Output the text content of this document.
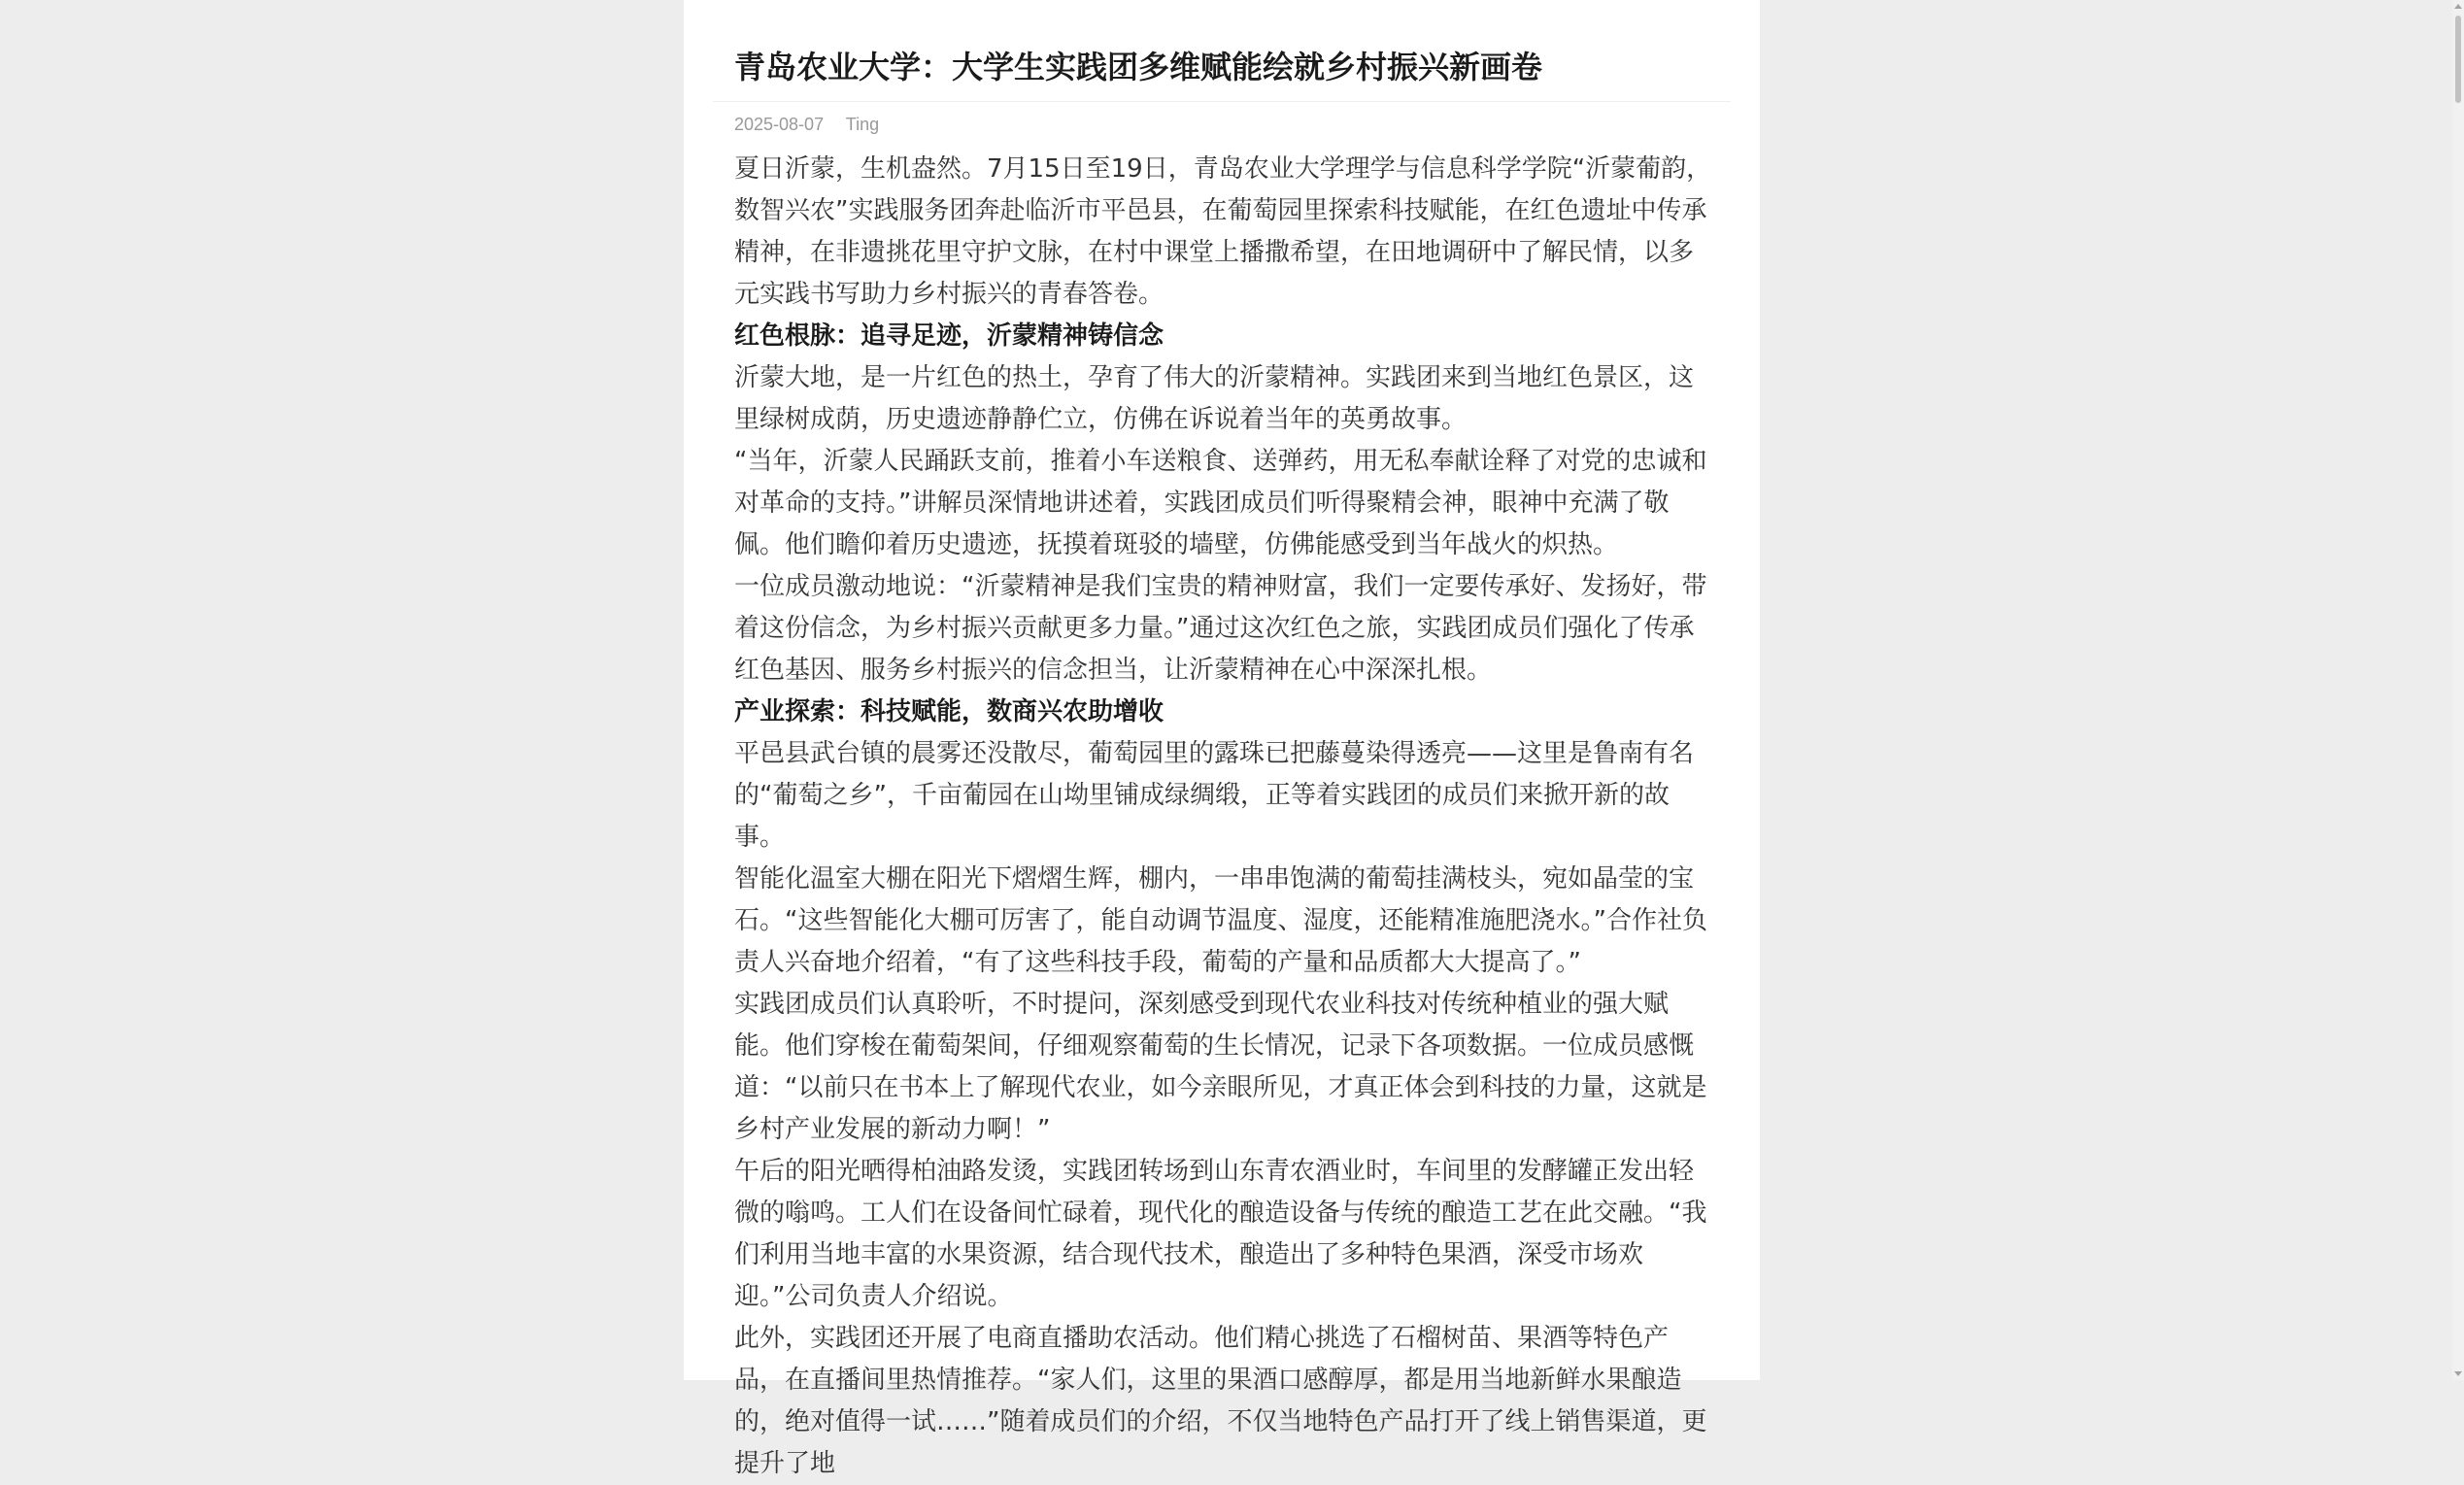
青岛农业大学：大学生实践团多维赋能绘就乡村振兴新画卷
2025-08-07 Ting

夏日沂蒙，生机盎然。7月15日至19日，青岛农业大学理学与信息科学学院“沂蒙葡韵，数智兴农”实践服务团奔赴临沂市平邑县，在葡萄园里探索科技赋能，在红色遗址中传承精神，在非遗挑花里守护文脉，在村中课堂上播撒希望，在田地调研中了解民情，以多元实践书写助力乡村振兴的青春答卷。

红色根脉：追寻足迹，沂蒙精神铸信念

沂蒙大地，是一片红色的热土，孕育了伟大的沂蒙精神。实践团来到当地红色景区，这里绿树成荫，历史遗迹静静伫立，仿佛在诉说着当年的英勇故事。

“当年，沂蒙人民踊跃支前，推着小车送粮食、送弹药，用无私奉献诠释了对党的忠诚和对革命的支持。”讲解员深情地讲述着，实践团成员们听得聚精会神，眼神中充满了敬佩。他们瞻仰着历史遗迹，抚摸着斑驳的墙壁，仿佛能感受到当年战火的炽热。

一位成员激动地说：“沂蒙精神是我们宝贵的精神财富，我们一定要传承好、发扬好，带着这份信念，为乡村振兴贡献更多力量。”通过这次红色之旅，实践团成员们强化了传承红色基因、服务乡村振兴的信念担当，让沂蒙精神在心中深深扎根。

产业探索：科技赋能，数商兴农助增收

平邑县武台镇的晨雾还没散尽，葡萄园里的露珠已把藤蔓染得透亮——这里是鲁南有名的“葡萄之乡”，千亩葡园在山坳里铺成绿绸缎，正等着实践团的成员们来掀开新的故事。

智能化温室大棚在阳光下熠熠生辉，棚内，一串串饱满的葡萄挂满枝头，宛如晶莹的宝石。“这些智能化大棚可厉害了，能自动调节温度、湿度，还能精准施肥浇水。”合作社负责人兴奋地介绍着，“有了这些科技手段，葡萄的产量和品质都大大提高了。”

实践团成员们认真聆听，不时提问，深刻感受到现代农业科技对传统种植业的强大赋能。他们穿梭在葡萄架间，仔细观察葡萄的生长情况，记录下各项数据。一位成员感慨道：“以前只在书本上了解现代农业，如今亲眼所见，才真正体会到科技的力量，这就是乡村产业发展的新动力啊！”

午后的阳光晒得柏油路发烫，实践团转场到山东青农酒业时，车间里的发酵罐正发出轻微的嗡鸣。工人们在设备间忙碌着，现代化的酿造设备与传统的酿造工艺在此交融。“我们利用当地丰富的水果资源，结合现代技术，酿造出了多种特色果酒，深受市场欢迎。”公司负责人介绍说。

此外，实践团还开展了电商直播助农活动。他们精心挑选了石榴树苗、果酒等特色产品，在直播间里热情推荐。“家人们，这里的果酒口感醇厚，都是用当地新鲜水果酿造的，绝对值得一试……”随着成员们的介绍，不仅当地特色产品打开了线上销售渠道，更提升了地
